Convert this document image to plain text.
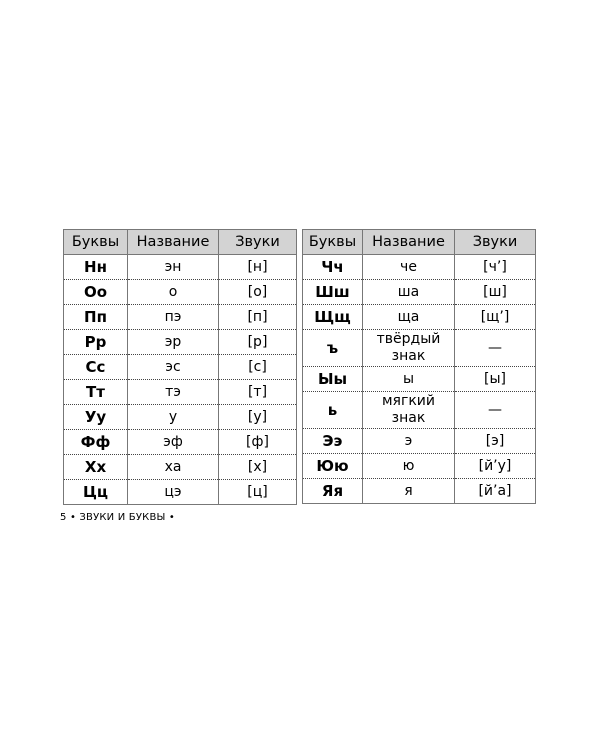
Буквы	Название	Звуки
Нн	эн	[н]
Оо	о	[о]
Пп	пэ	[п]
Рр	эр	[р]
Сс	эс	[с]
Тт	тэ	[т]
Уу	у	[у]
Фф	эф	[ф]
Хх	ха	[х]
Цц	цэ	[ц]
Буквы	Название	Звуки
Чч	че	[ч’]
Шш	ша	[ш]
Щщ	ща	[щ’]
ъ	твёрдый знак	—
Ыы	ы	[ы]
ь	мягкий знак	—
Ээ	э	[э]
Юю	ю	[й’у]
Яя	я	[й’а]
5 • ЗВУКИ И БУКВЫ •
